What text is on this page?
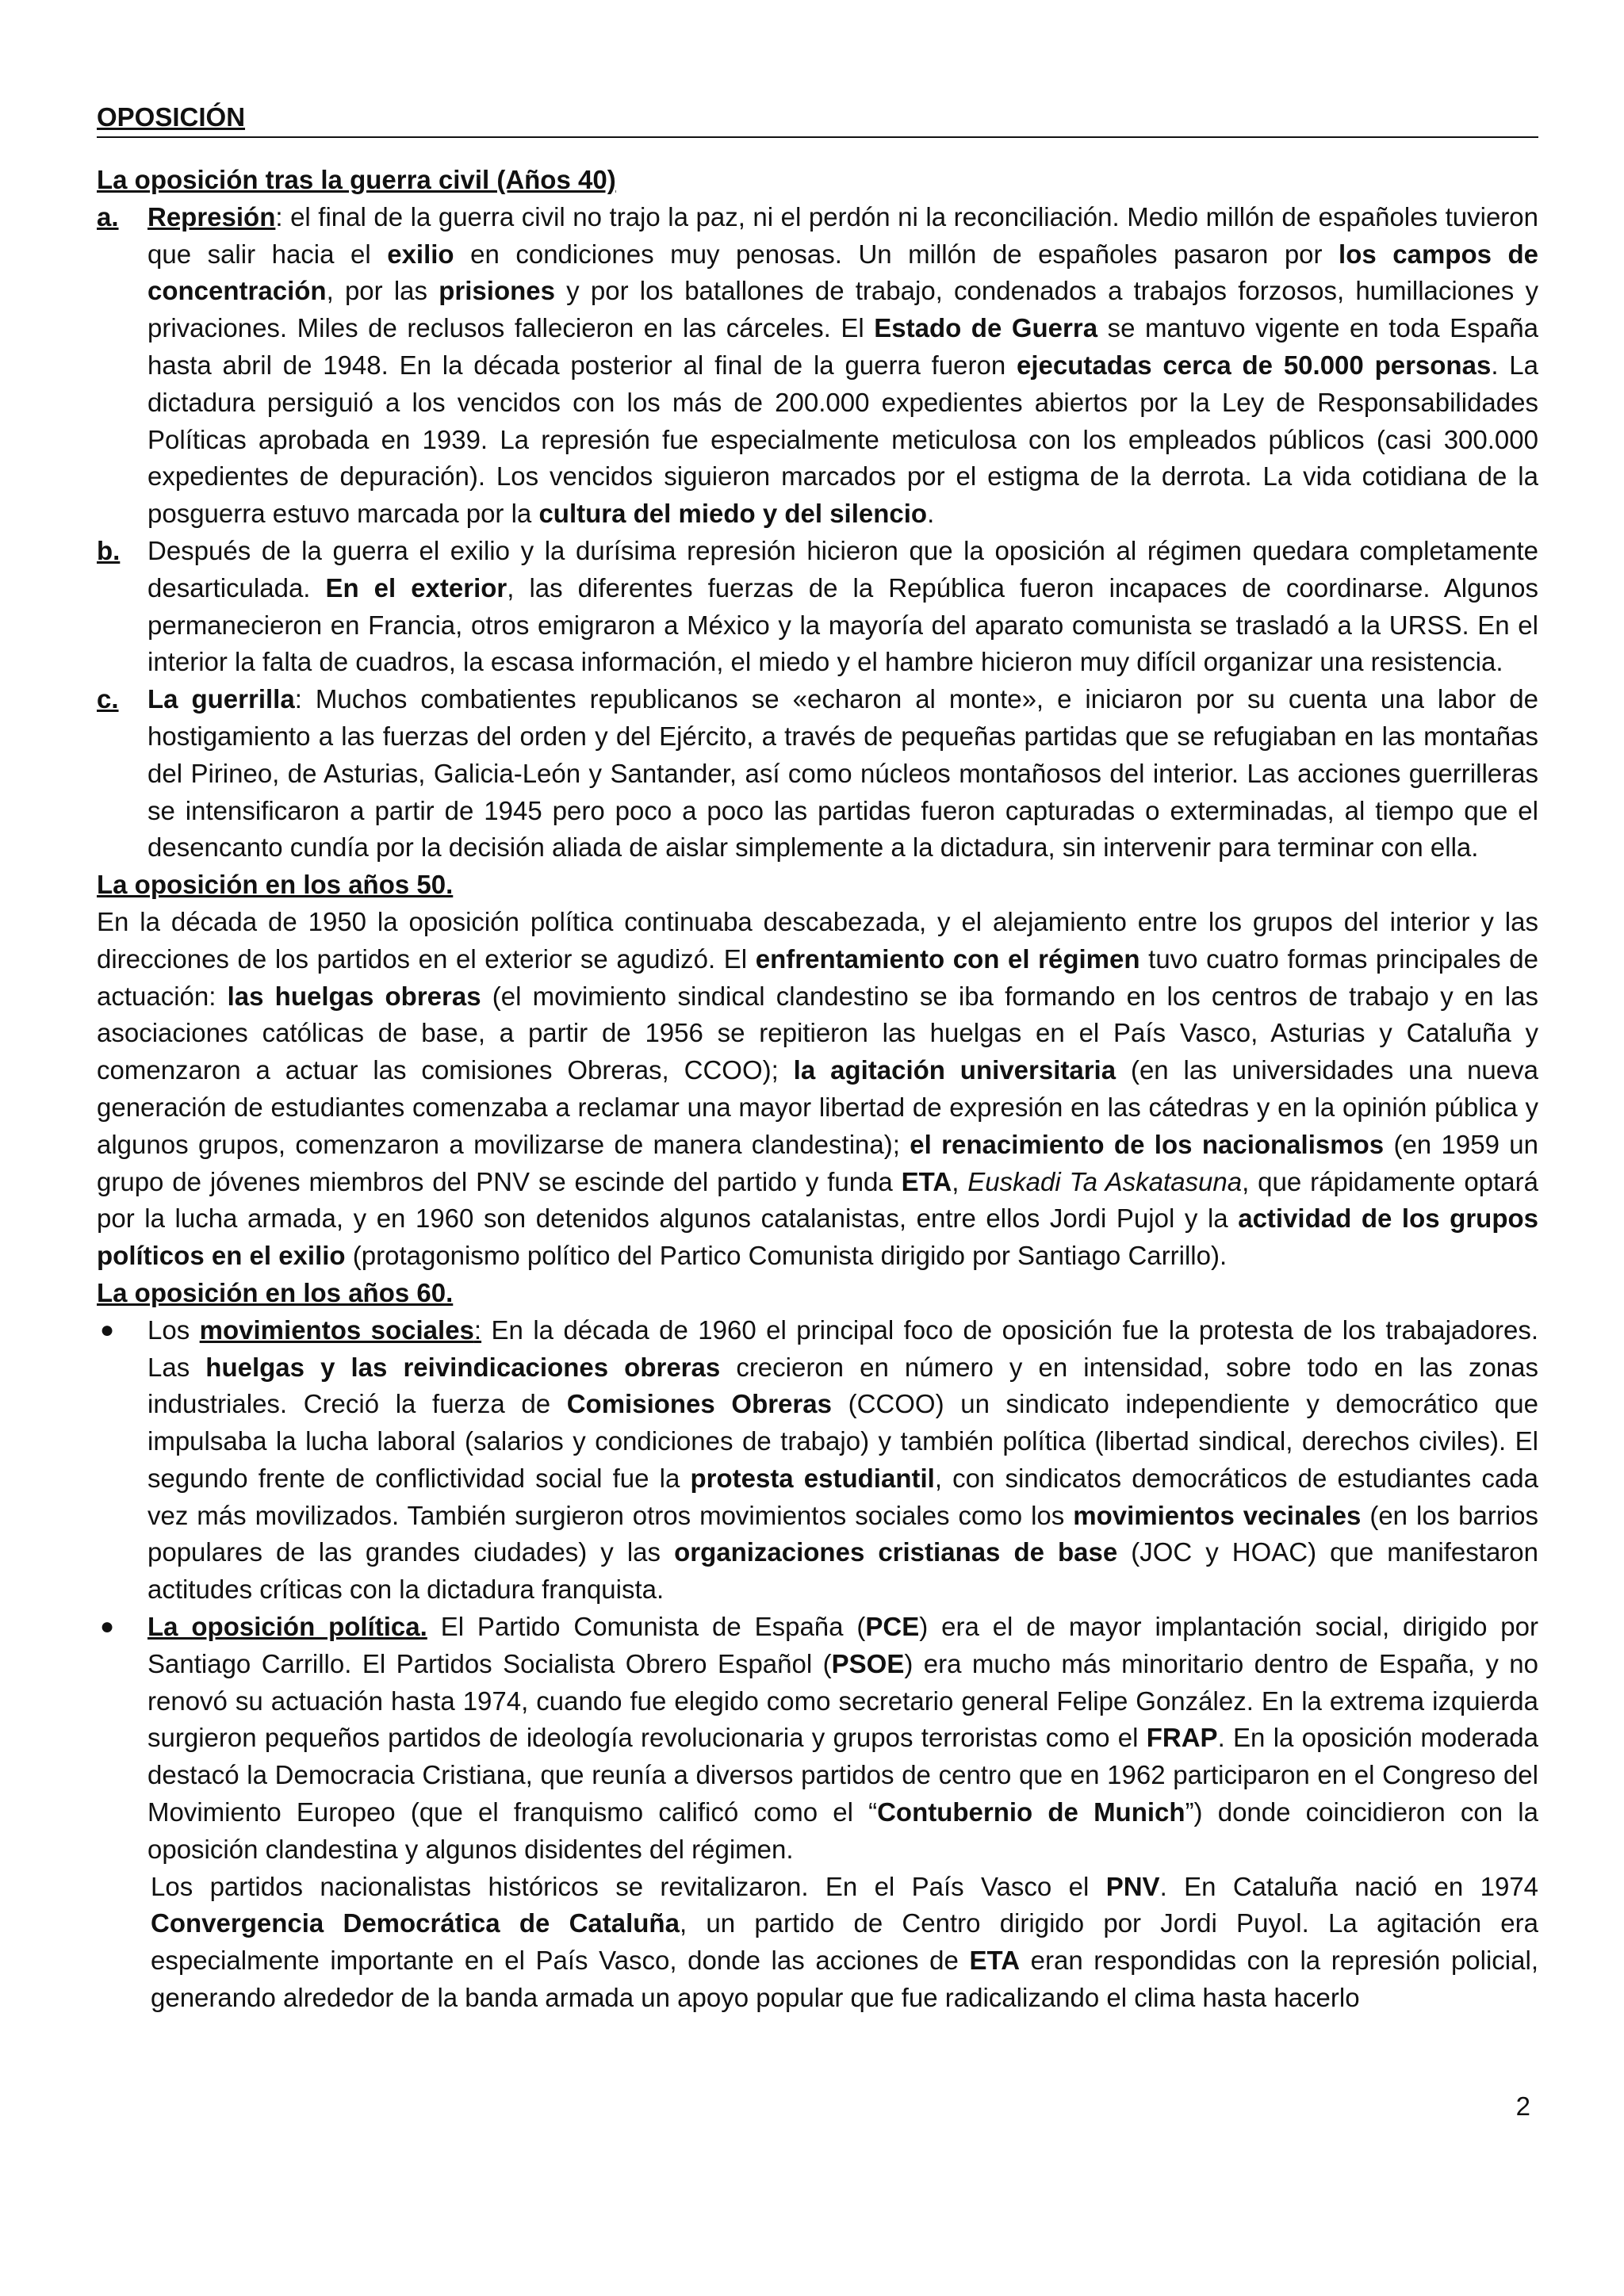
OPOSICIÓN
La oposición tras la guerra civil (Años 40)
a. Represión: el final de la guerra civil no trajo la paz, ni el perdón ni la reconciliación. Medio millón de españoles tuvieron que salir hacia el exilio en condiciones muy penosas. Un millón de españoles pasaron por los campos de concentración, por las prisiones y por los batallones de trabajo, condenados a trabajos forzosos, humillaciones y privaciones. Miles de reclusos fallecieron en las cárceles. El Estado de Guerra se mantuvo vigente en toda España hasta abril de 1948. En la década posterior al final de la guerra fueron ejecutadas cerca de 50.000 personas. La dictadura persiguió a los vencidos con los más de 200.000 expedientes abiertos por la Ley de Responsabilidades Políticas aprobada en 1939. La represión fue especialmente meticulosa con los empleados públicos (casi 300.000 expedientes de depuración). Los vencidos siguieron marcados por el estigma de la derrota. La vida cotidiana de la posguerra estuvo marcada por la cultura del miedo y del silencio.

b. Después de la guerra el exilio y la durísima represión hicieron que la oposición al régimen quedara completamente desarticulada. En el exterior, las diferentes fuerzas de la República fueron incapaces de coordinarse. Algunos permanecieron en Francia, otros emigraron a México y la mayoría del aparato comunista se trasladó a la URSS. En el interior la falta de cuadros, la escasa información, el miedo y el hambre hicieron muy difícil organizar una resistencia.

c. La guerrilla: Muchos combatientes republicanos se «echaron al monte», e iniciaron por su cuenta una labor de hostigamiento a las fuerzas del orden y del Ejército, a través de pequeñas partidas que se refugiaban en las montañas del Pirineo, de Asturias, Galicia-León y Santander, así como núcleos montañosos del interior. Las acciones guerrilleras se intensificaron a partir de 1945 pero poco a poco las partidas fueron capturadas o exterminadas, al tiempo que el desencanto cundía por la decisión aliada de aislar simplemente a la dictadura, sin intervenir para terminar con ella.

La oposición en los años 50.

En la década de 1950 la oposición política continuaba descabezada, y el alejamiento entre los grupos del interior y las direcciones de los partidos en el exterior se agudizó. El enfrentamiento con el régimen tuvo cuatro formas principales de actuación: las huelgas obreras (el movimiento sindical clandestino se iba formando en los centros de trabajo y en las asociaciones católicas de base, a partir de 1956 se repitieron las huelgas en el País Vasco, Asturias y Cataluña y comenzaron a actuar las comisiones Obreras, CCOO); la agitación universitaria (en las universidades una nueva generación de estudiantes comenzaba a reclamar una mayor libertad de expresión en las cátedras y en la opinión pública y algunos grupos, comenzaron a movilizarse de manera clandestina); el renacimiento de los nacionalismos (en 1959 un grupo de jóvenes miembros del PNV se escinde del partido y funda ETA, Euskadi Ta Askatasuna, que rápidamente optará por la lucha armada, y en 1960 son detenidos algunos catalanistas, entre ellos Jordi Pujol y la actividad de los grupos políticos en el exilio (protagonismo político del Partico Comunista dirigido por Santiago Carrillo).

La oposición en los años 60.
● Los movimientos sociales: En la década de 1960 el principal foco de oposición fue la protesta de los trabajadores. Las huelgas y las reivindicaciones obreras crecieron en número y en intensidad, sobre todo en las zonas industriales. Creció la fuerza de Comisiones Obreras (CCOO) un sindicato independiente y democrático que impulsaba la lucha laboral (salarios y condiciones de trabajo) y también política (libertad sindical, derechos civiles). El segundo frente de conflictividad social fue la protesta estudiantil, con sindicatos democráticos de estudiantes cada vez más movilizados. También surgieron otros movimientos sociales como los movimientos vecinales (en los barrios populares de las grandes ciudades) y las organizaciones cristianas de base (JOC y HOAC) que manifestaron actitudes críticas con la dictadura franquista.

● La oposición política. El Partido Comunista de España (PCE) era el de mayor implantación social, dirigido por Santiago Carrillo. El Partidos Socialista Obrero Español (PSOE) era mucho más minoritario dentro de España, y no renovó su actuación hasta 1974, cuando fue elegido como secretario general Felipe González. En la extrema izquierda surgieron pequeños partidos de ideología revolucionaria y grupos terroristas como el FRAP. En la oposición moderada destacó la Democracia Cristiana, que reunía a diversos partidos de centro que en 1962 participaron en el Congreso del Movimiento Europeo (que el franquismo calificó como el “Contubernio de Munich”) donde coincidieron con la oposición clandestina y algunos disidentes del régimen.

Los partidos nacionalistas históricos se revitalizaron. En el País Vasco el PNV. En Cataluña nació en 1974 Convergencia Democrática de Cataluña, un partido de Centro dirigido por Jordi Puyol. La agitación era especialmente importante en el País Vasco, donde las acciones de ETA eran respondidas con la represión policial, generando alrededor de la banda armada un apoyo popular que fue radicalizando el clima hasta hacerlo

2
